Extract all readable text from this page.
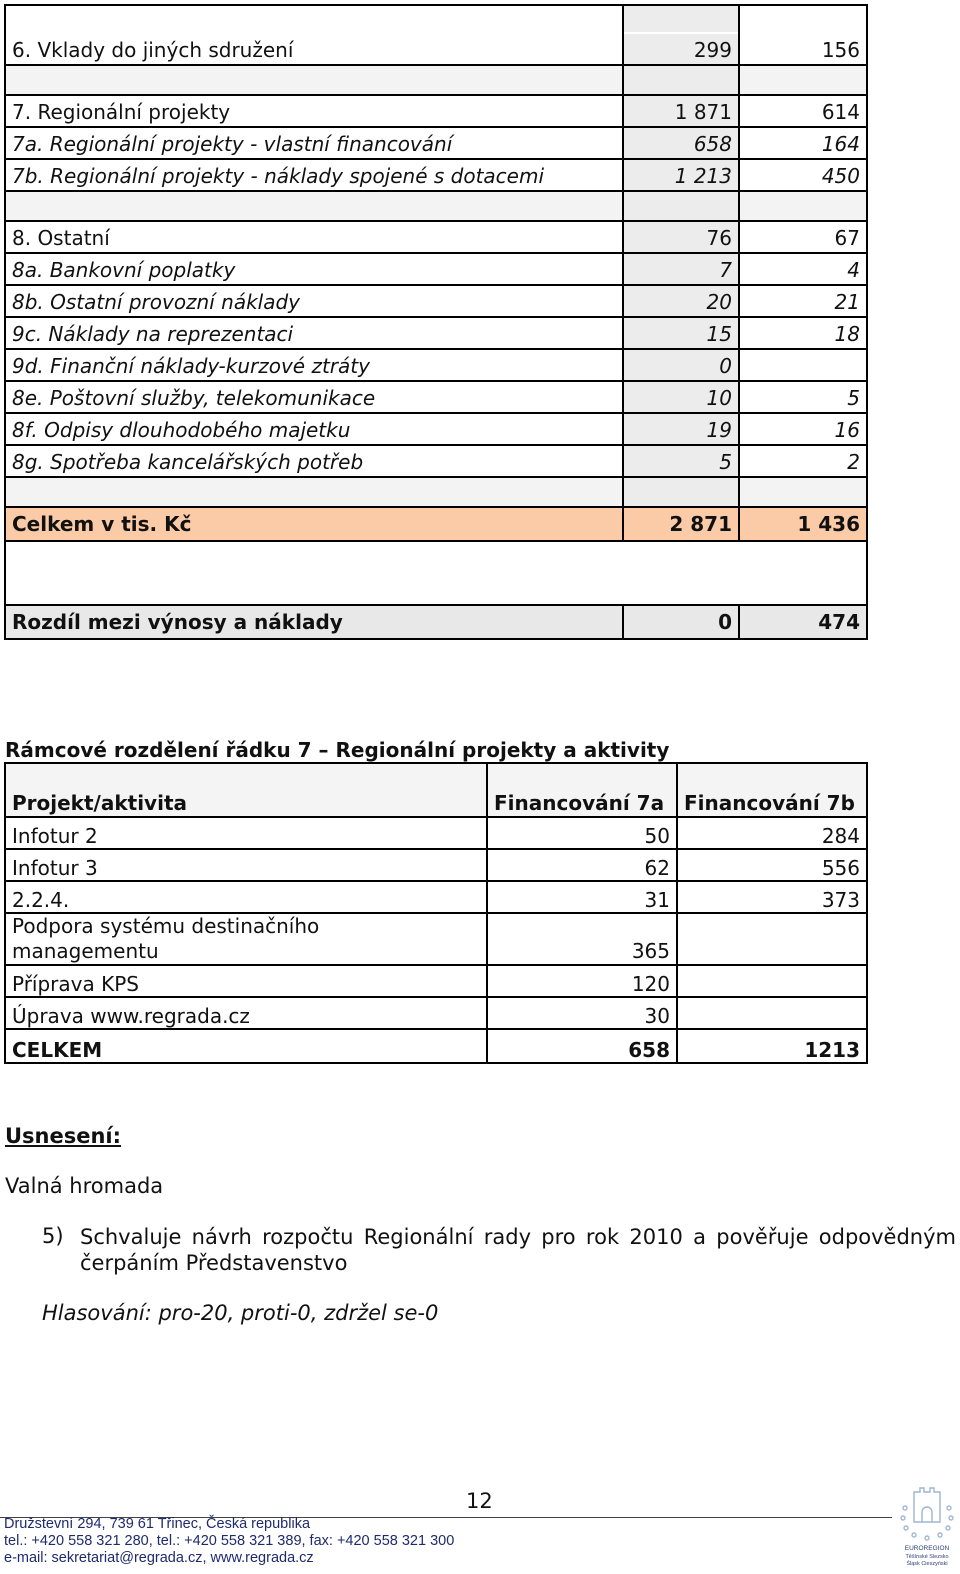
6. Vklady do jiných sdružení	299	156

7. Regionální projekty	1 871	614
7a. Regionální projekty - vlastní financování	658	164
7b. Regionální projekty - náklady spojené s dotacemi	1 213	450

8. Ostatní	76	67
8a. Bankovní poplatky	7	4
8b. Ostatní provozní náklady	20	21
9c. Náklady na reprezentaci	15	18
9d. Finanční náklady-kurzové ztráty	0	
8e. Poštovní služby, telekomunikace	10	5
8f. Odpisy dlouhodobého majetku	19	16
8g. Spotřeba kancelářských potřeb	5	2

Celkem v tis. Kč	2 871	1 436

Rozdíl mezi výnosy a náklady	0	474
Rámcové rozdělení řádku 7 – Regionální projekty a aktivity
Projekt/aktivita	Financování 7a	Financování 7b
Infotur 2	50	284
Infotur 3	62	556
2.2.4.	31	373
Podpora systému destinačního managementu	365	
Příprava KPS	120	
Úprava www.regrada.cz	30	
CELKEM	658	1213
Usnesení:
Valná hromada
5) Schvaluje návrh rozpočtu Regionální rady pro rok 2010 a pověřuje odpovědným čerpáním Představenstvo
Hlasování: pro-20, proti-0, zdržel se-0
12
Družstevní 294, 739 61 Třinec, Česká republika
tel.: +420 558 321 280, tel.: +420 558 321 389, fax: +420 558 321 300
e-mail: sekretariat@regrada.cz, www.regrada.cz
EUROREGION
Těšínské Slezsko
Śląsk Cieszyński
